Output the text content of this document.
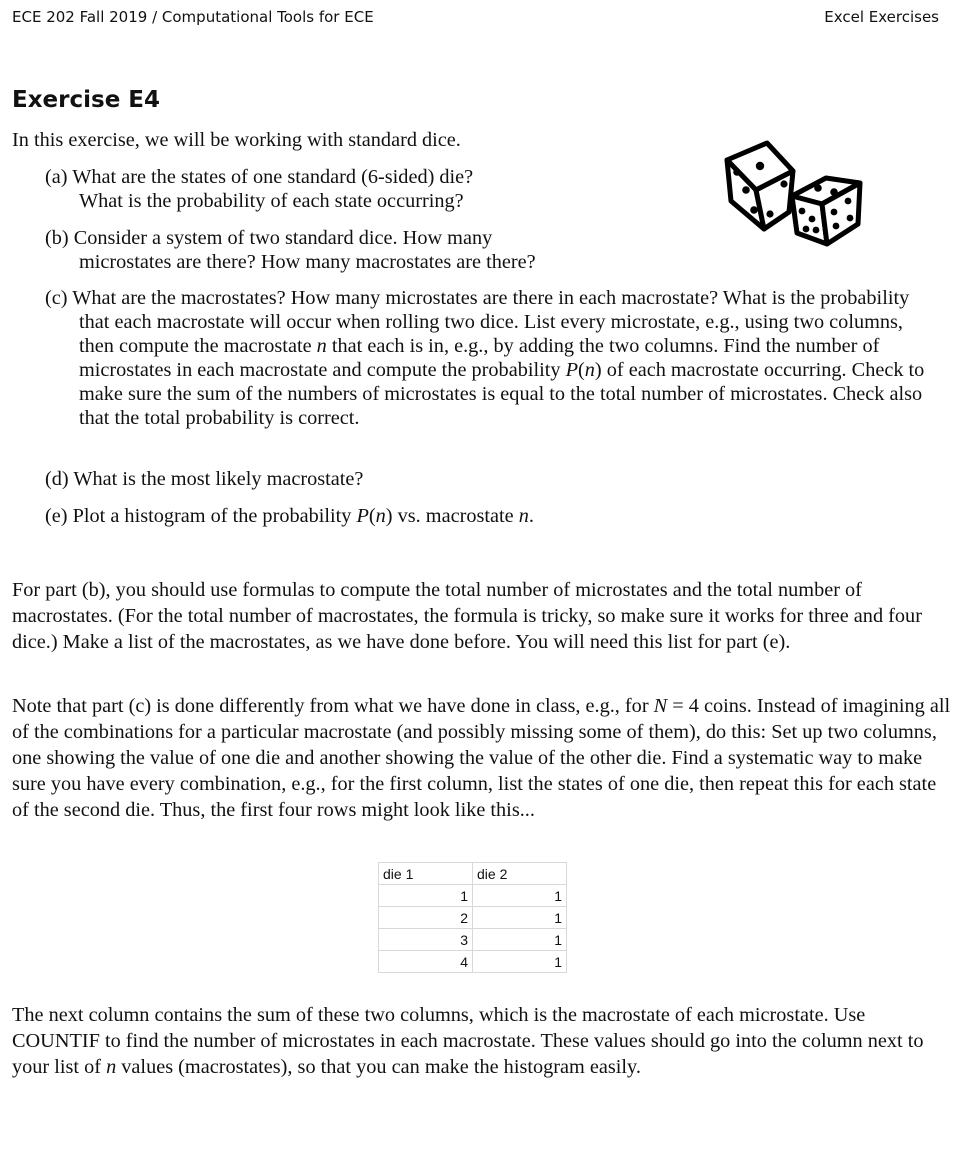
ECE 202 Fall 2019 / Computational Tools for ECE	Excel Exercises
Exercise E4

In this exercise, we will be working with standard dice.

(a) What are the states of one standard (6-sided) die?
What is the probability of each state occurring?

(b) Consider a system of two standard dice. How many
microstates are there? How many macrostates are there?

(c) What are the macrostates? How many microstates are there in each macrostate? What is the probability that each macrostate will occur when rolling two dice. List every microstate, e.g., using two columns, then compute the macrostate n that each is in, e.g., by adding the two columns. Find the number of microstates in each macrostate and compute the probability P(n) of each macrostate occurring. Check to make sure the sum of the numbers of microstates is equal to the total number of microstates. Check also that the total probability is correct.

(d) What is the most likely macrostate?

(e) Plot a histogram of the probability P(n) vs. macrostate n.

For part (b), you should use formulas to compute the total number of microstates and the total number of macrostates. (For the total number of macrostates, the formula is tricky, so make sure it works for three and four dice.) Make a list of the macrostates, as we have done before. You will need this list for part (e).

Note that part (c) is done differently from what we have done in class, e.g., for N = 4 coins. Instead of imagining all of the combinations for a particular macrostate (and possibly missing some of them), do this: Set up two columns, one showing the value of one die and another showing the value of the other die. Find a systematic way to make sure you have every combination, e.g., for the first column, list the states of one die, then repeat this for each state of the second die. Thus, the first four rows might look like this...

die 1	die 2
1	1
2	1
3	1
4	1

The next column contains the sum of these two columns, which is the macrostate of each microstate. Use COUNTIF to find the number of microstates in each macrostate. These values should go into the column next to your list of n values (macrostates), so that you can make the histogram easily.
